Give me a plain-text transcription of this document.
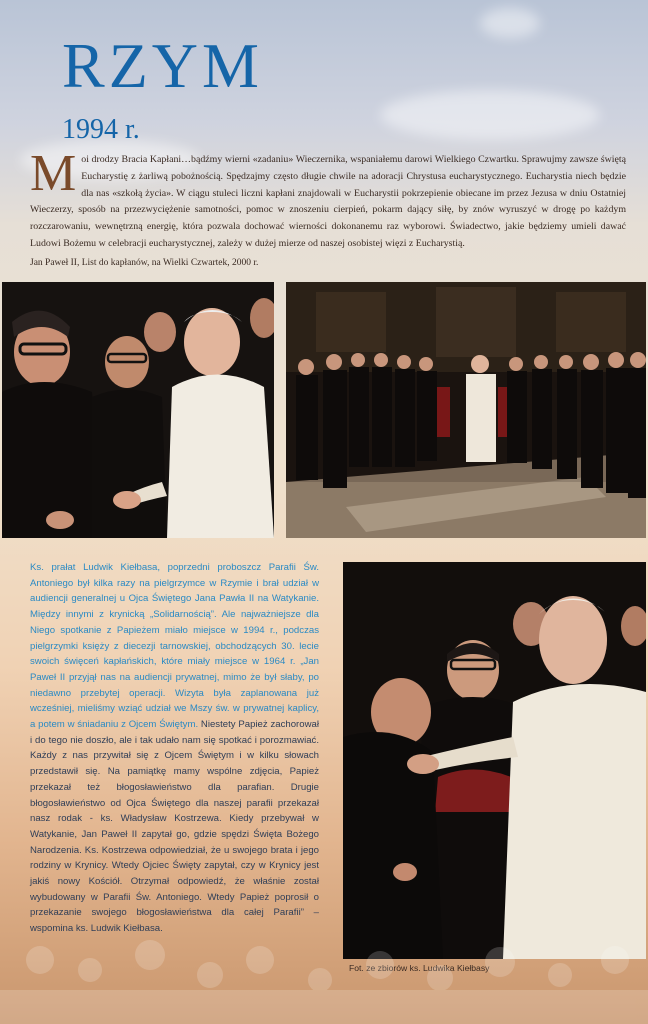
RZYM
1994 r.

Moi drodzy Bracia Kapłani…bądźmy wierni «zadaniu» Wieczernika, wspaniałemu darowi Wielkiego Czwartku. Sprawujmy zawsze świętą Eucharystię z żarliwą pobożnością. Spędzajmy często długie chwile na adoracji Chrystusa eucharystycznego. Eucharystia niech będzie dla nas «szkołą życia». W ciągu stuleci liczni kapłani znajdowali w Eucharystii pokrzepienie obiecane im przez Jezusa w dniu Ostatniej Wieczerzy, sposób na przezwyciężenie samotności, pomoc w znoszeniu cierpień, pokarm dający siłę, by znów wyruszyć w drogę po każdym rozczarowaniu, wewnętrzną energię, która pozwala dochować wierności dokonanemu raz wyborowi. Świadectwo, jakie będziemy umieli dawać Ludowi Bożemu w celebracji eucharystycznej, zależy w dużej mierze od naszej osobistej więzi z Eucharystią.

Jan Paweł II, List do kapłanów, na Wielki Czwartek, 2000 r.

Ks. prałat Ludwik Kiełbasa, poprzedni proboszcz Parafii Św. Antoniego był kilka razy na pielgrzymce w Rzymie i brał udział w audiencji generalnej u Ojca Świętego Jana Pawła II na Watykanie. Między innymi z krynicką „Solidarnością”. Ale najważniejsze dla Niego spotkanie z Papieżem miało miejsce w 1994 r., podczas pielgrzymki księży z diecezji tarnowskiej, obchodzących 30. lecie swoich święceń kapłańskich, które miały miejsce w 1964 r. „Jan Paweł II przyjął nas na audiencji prywatnej, mimo że był słaby, po niedawno przebytej operacji. Wizyta była zaplanowana już wcześniej, mieliśmy wziąć udział we Mszy św. w prywatnej kaplicy, a potem w śniadaniu z Ojcem Świętym. Niestety Papież zachorował i do tego nie doszło, ale i tak udało nam się spotkać i porozmawiać. Każdy z nas przywitał się z Ojcem Świętym i w kilku słowach przedstawił się. Na pamiątkę mamy wspólne zdjęcia, Papież przekazał też błogosławieństwo dla parafian. Drugie błogosławieństwo od Ojca Świętego dla naszej parafii przekazał nasz rodak - ks. Władysław Kostrzewa. Kiedy przebywał w Watykanie, Jan Paweł II zapytał go, gdzie spędzi Święta Bożego Narodzenia. Ks. Kostrzewa odpowiedział, że u swojego brata i jego rodziny w Krynicy. Wtedy Ojciec Święty zapytał, czy w Krynicy jest jakiś nowy Kościół. Otrzymał odpowiedź, że właśnie został wybudowany w Parafii Św. Antoniego. Wtedy Papież poprosił o przekazanie swojego błogosławieństwa dla całej Parafii” – wspomina ks. Ludwik Kiełbasa.

Fot. ze zbiorów ks. Ludwika Kiełbasy
